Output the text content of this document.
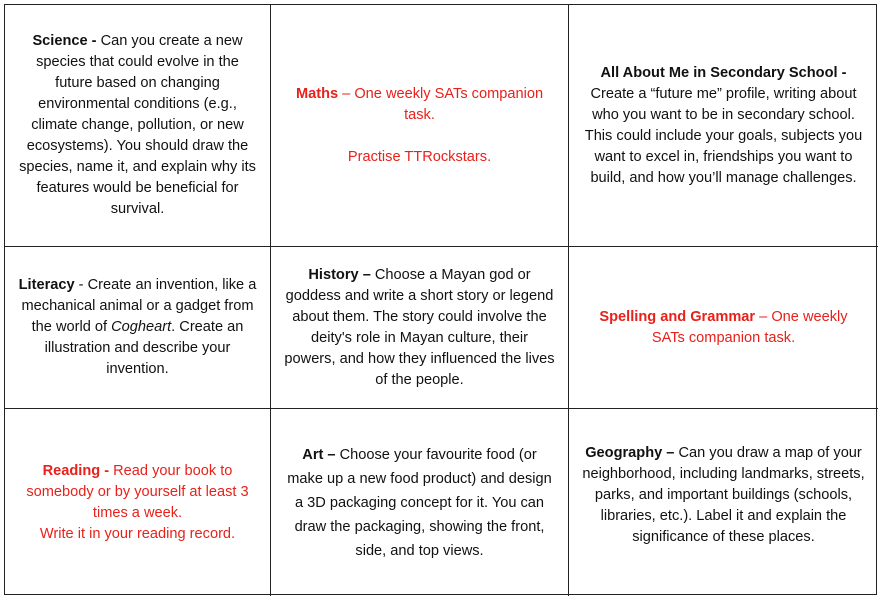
Science - Can you create a new species that could evolve in the future based on changing environmental conditions (e.g., climate change, pollution, or new ecosystems). You should draw the species, name it, and explain why its features would be beneficial for survival.

Maths – One weekly SATs companion task.

Practise TTRockstars.

All About Me in Secondary School - Create a “future me” profile, writing about who you want to be in secondary school. This could include your goals, subjects you want to excel in, friendships you want to build, and how you’ll manage challenges.

Literacy - Create an invention, like a mechanical animal or a gadget from the world of Cogheart. Create an illustration and describe your invention.

History – Choose a Mayan god or goddess and write a short story or legend about them. The story could involve the deity's role in Mayan culture, their powers, and how they influenced the lives of the people.

Spelling and Grammar – One weekly SATs companion task.

Reading - Read your book to somebody or by yourself at least 3 times a week.

Write it in your reading record.

Art – Choose your favourite food (or make up a new food product) and design a 3D packaging concept for it. You can draw the packaging, showing the front, side, and top views.

Geography – Can you draw a map of your neighborhood, including landmarks, streets, parks, and important buildings (schools, libraries, etc.). Label it and explain the significance of these places.
